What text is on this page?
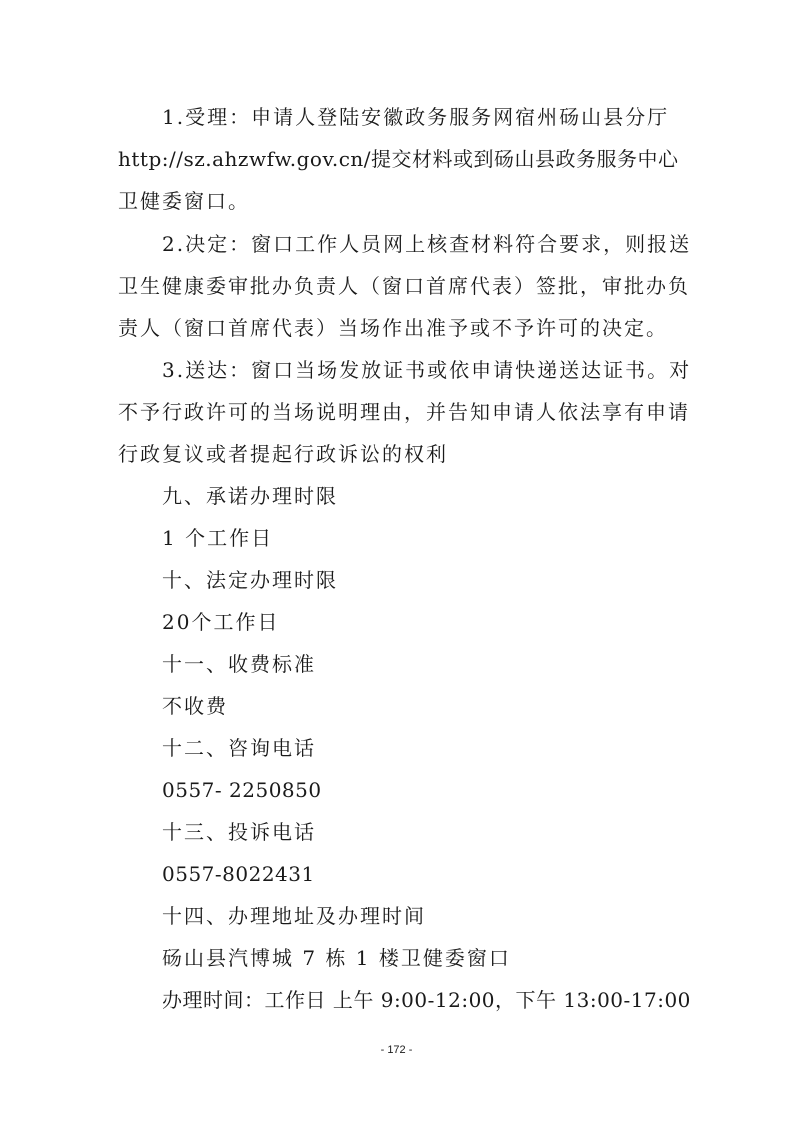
1.受理：申请人登陆安徽政务服务网宿州砀山县分厅
http://sz.ahzwfw.gov.cn/提交材料或到砀山县政务服务中心
卫健委窗口。
2.决定：窗口工作人员网上核查材料符合要求，则报送
卫生健康委审批办负责人（窗口首席代表）签批，审批办负
责人（窗口首席代表）当场作出准予或不予许可的决定。
3.送达：窗口当场发放证书或依申请快递送达证书。对
不予行政许可的当场说明理由，并告知申请人依法享有申请
行政复议或者提起行政诉讼的权利
九、承诺办理时限
1 个工作日
十、法定办理时限
20个工作日
十一、收费标准
不收费
十二、咨询电话
0557- 2250850
十三、投诉电话
0557-8022431
十四、办理地址及办理时间
砀山县汽博城 7 栋 1 楼卫健委窗口
办理时间：工作日 上午 9:00-12:00，下午 13:00-17:00
- 172 -
